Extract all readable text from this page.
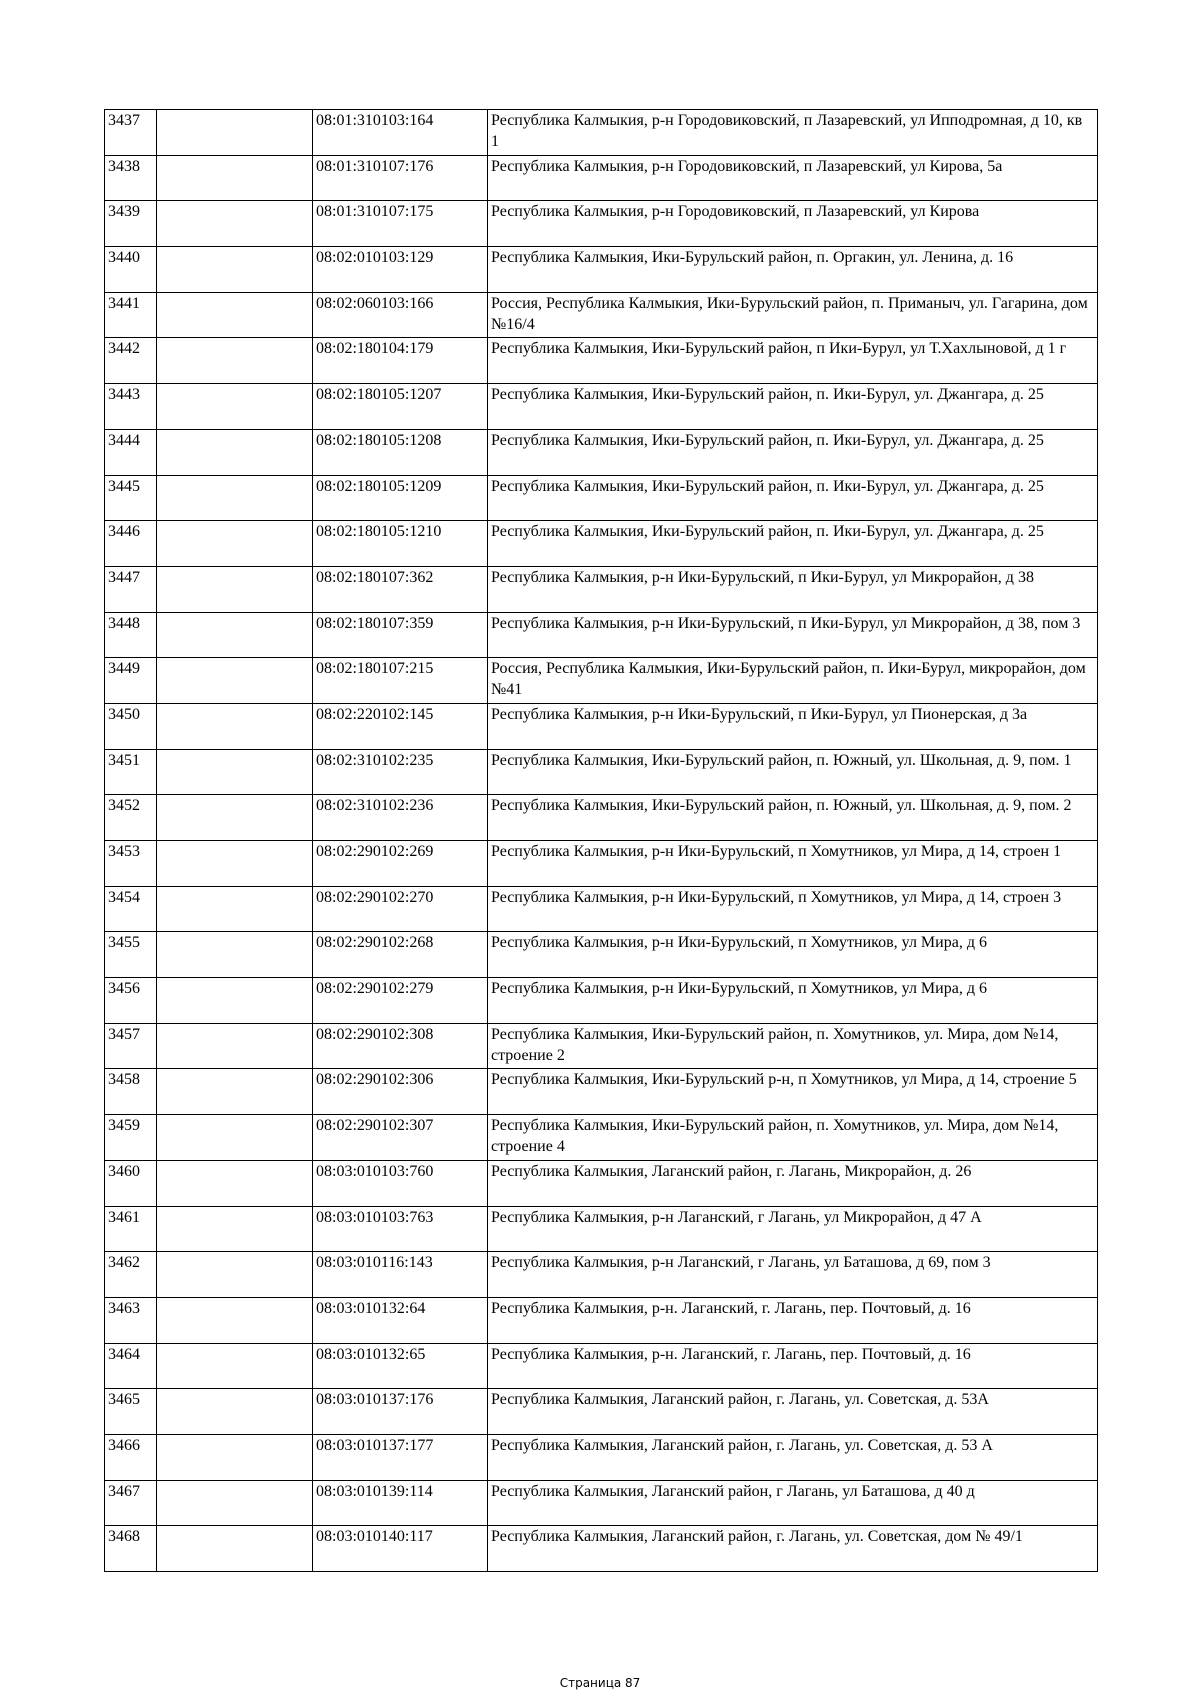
3437		08:01:310103:164	Республика Калмыкия, р-н Городовиковский, п Лазаревский, ул Ипподромная, д 10, кв 1
3438		08:01:310107:176	Республика Калмыкия, р-н Городовиковский, п Лазаревский, ул Кирова, 5а
3439		08:01:310107:175	Республика Калмыкия, р-н Городовиковский, п Лазаревский, ул Кирова
3440		08:02:010103:129	Республика Калмыкия, Ики-Бурульский район, п. Оргакин, ул. Ленина, д. 16
3441		08:02:060103:166	Россия, Республика Калмыкия, Ики-Бурульский район, п. Приманыч, ул. Гагарина, дом №16/4
3442		08:02:180104:179	Республика Калмыкия, Ики-Бурульский район, п Ики-Бурул, ул Т.Хахлыновой, д 1 г
3443		08:02:180105:1207	Республика Калмыкия, Ики-Бурульский район, п. Ики-Бурул, ул. Джангара, д. 25
3444		08:02:180105:1208	Республика Калмыкия, Ики-Бурульский район, п. Ики-Бурул, ул. Джангара, д. 25
3445		08:02:180105:1209	Республика Калмыкия, Ики-Бурульский район, п. Ики-Бурул, ул. Джангара, д. 25
3446		08:02:180105:1210	Республика Калмыкия, Ики-Бурульский район, п. Ики-Бурул, ул. Джангара, д. 25
3447		08:02:180107:362	Республика Калмыкия, р-н Ики-Бурульский, п Ики-Бурул, ул Микрорайон, д 38
3448		08:02:180107:359	Республика Калмыкия, р-н Ики-Бурульский, п Ики-Бурул, ул Микрорайон, д 38, пом 3
3449		08:02:180107:215	Россия, Республика Калмыкия, Ики-Бурульский район, п. Ики-Бурул, микрорайон, дом №41
3450		08:02:220102:145	Республика Калмыкия, р-н Ики-Бурульский, п Ики-Бурул, ул Пионерская, д 3а
3451		08:02:310102:235	Республика Калмыкия, Ики-Бурульский район, п. Южный, ул. Школьная, д. 9, пом. 1
3452		08:02:310102:236	Республика Калмыкия, Ики-Бурульский район, п. Южный, ул. Школьная, д. 9, пом. 2
3453		08:02:290102:269	Республика Калмыкия, р-н Ики-Бурульский, п Хомутников, ул Мира, д 14, строен 1
3454		08:02:290102:270	Республика Калмыкия, р-н Ики-Бурульский, п Хомутников, ул Мира, д 14, строен 3
3455		08:02:290102:268	Республика Калмыкия, р-н Ики-Бурульский, п Хомутников, ул Мира, д 6
3456		08:02:290102:279	Республика Калмыкия, р-н Ики-Бурульский, п Хомутников, ул Мира, д 6
3457		08:02:290102:308	Республика Калмыкия, Ики-Бурульский район, п. Хомутников, ул. Мира, дом №14, строение 2
3458		08:02:290102:306	Республика Калмыкия, Ики-Бурульский р-н, п Хомутников, ул Мира, д 14, строение 5
3459		08:02:290102:307	Республика Калмыкия, Ики-Бурульский район, п. Хомутников, ул. Мира, дом №14, строение 4
3460		08:03:010103:760	Республика Калмыкия, Лаганский район, г. Лагань, Микрорайон, д. 26
3461		08:03:010103:763	Республика Калмыкия, р-н Лаганский, г Лагань, ул Микрорайон, д 47 А
3462		08:03:010116:143	Республика Калмыкия, р-н Лаганский, г Лагань, ул Баташова, д 69, пом 3
3463		08:03:010132:64	Республика Калмыкия, р-н. Лаганский, г. Лагань, пер. Почтовый, д. 16
3464		08:03:010132:65	Республика Калмыкия, р-н. Лаганский, г. Лагань, пер. Почтовый, д. 16
3465		08:03:010137:176	Республика Калмыкия, Лаганский район, г. Лагань, ул. Советская, д. 53А
3466		08:03:010137:177	Республика Калмыкия, Лаганский район, г. Лагань, ул. Советская, д. 53 А
3467		08:03:010139:114	Республика Калмыкия, Лаганский район, г Лагань, ул Баташова, д 40 д
3468		08:03:010140:117	Республика Калмыкия, Лаганский район, г. Лагань, ул. Советская, дом № 49/1
Страница 87
